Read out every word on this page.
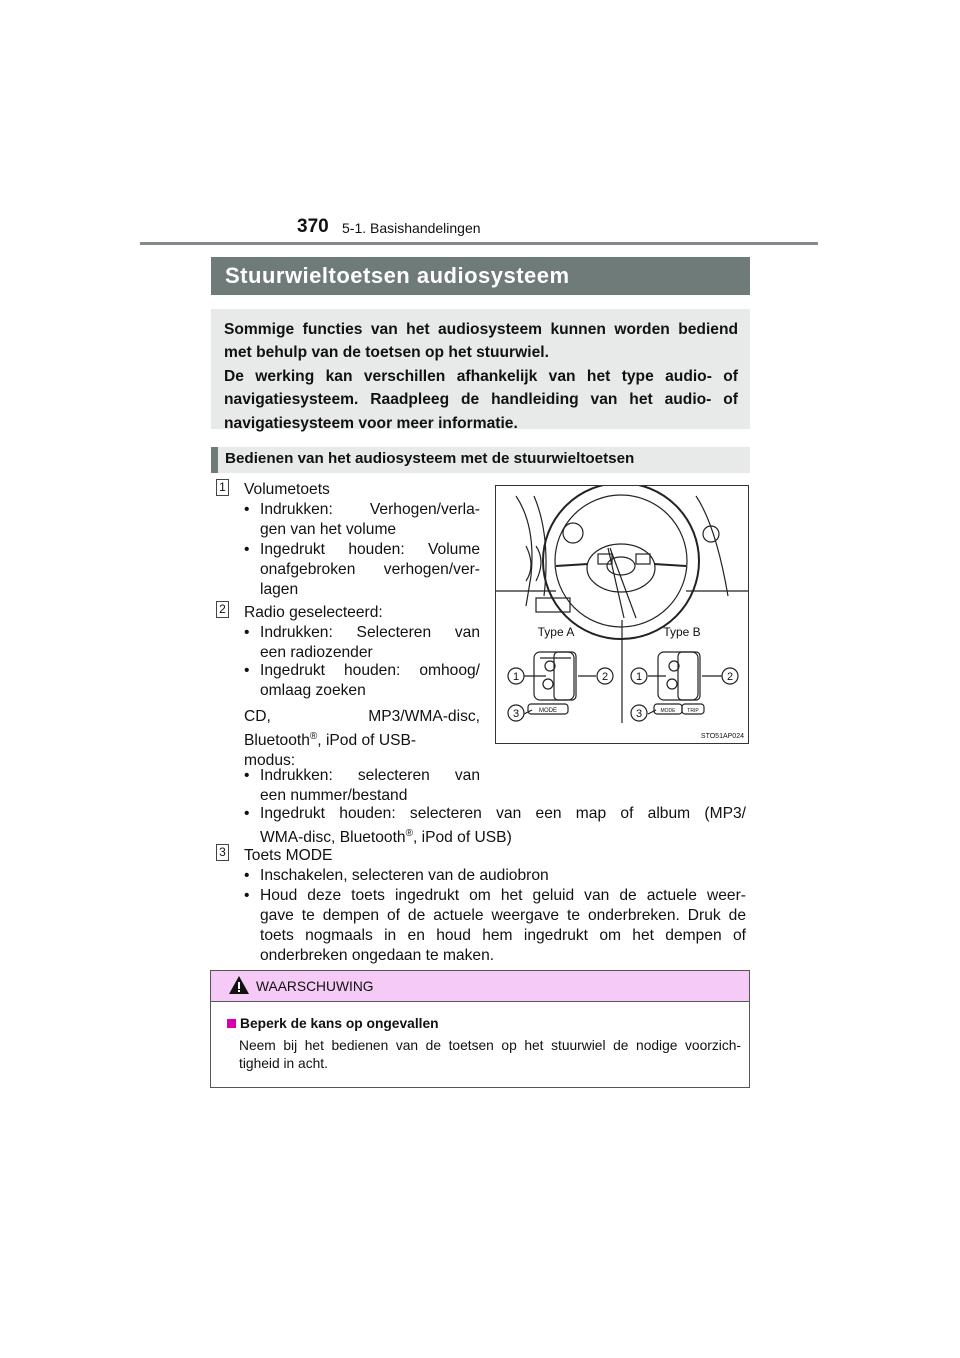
370 5-1. Basishandelingen
Stuurwieltoetsen audiosysteem

Sommige functies van het audiosysteem kunnen worden bediend met behulp van de toetsen op het stuurwiel.

De werking kan verschillen afhankelijk van het type audio- of navigatiesysteem. Raadpleeg de handleiding van het audio- of navigatiesysteem voor meer informatie.

Bedienen van het audiosysteem met de stuurwieltoetsen
1 Volumetoets
• Indrukken: Verhogen/verla-
gen van het volume
• Ingedrukt houden: Volume
onafgebroken verhogen/ver-
lagen
2 Radio geselecteerd:
• Indrukken: Selecteren van
een radiozender
• Ingedrukt houden: omhoog/
omlaag zoeken
CD, MP3/WMA-disc,
Bluetooth®, iPod of USB-
modus:
• Indrukken: selecteren van
een nummer/bestand
• Ingedrukt houden: selecteren van een map of album (MP3/
WMA-disc, Bluetooth®, iPod of USB)
3 Toets MODE
• Inschakelen, selecteren van de audiobron
• Houd deze toets ingedrukt om het geluid van de actuele weer-
gave te dempen of de actuele weergave te onderbreken. Druk de
toets nogmaals in en houd hem ingedrukt om het dempen of
onderbreken ongedaan te maken.
Type A	Type B
MODE	MODE TRIP
1	2
3
1	2
3
STO51AP024
WAARSCHUWING
Beperk de kans op ongevallen
Neem bij het bedienen van de toetsen op het stuurwiel de nodige voorzich-
tigheid in acht.
